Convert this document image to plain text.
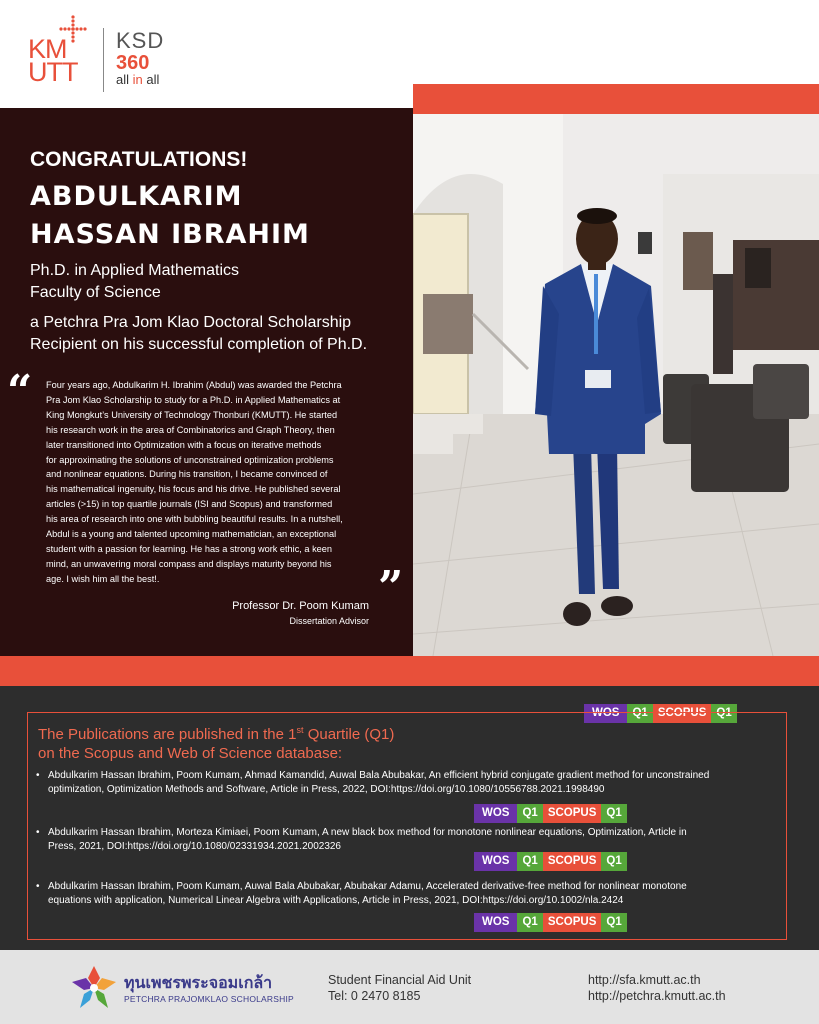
KM
UTT
KSD
360
all in all
CONGRATULATIONS!
ABDULKARIM
HASSAN IBRAHIM
Ph.D. in Applied Mathematics
Faculty of Science
a Petchra Pra Jom Klao Doctoral Scholarship
Recipient on his successful completion of Ph.D.
“ Four years ago, Abdulkarim H. Ibrahim (Abdul) was awarded the Petchra
Pra Jom Klao Scholarship to study for a Ph.D. in Applied Mathematics at
King Mongkut’s University of Technology Thonburi (KMUTT). He started
his research work in the area of Combinatorics and Graph Theory, then
later transitioned into Optimization with a focus on iterative methods
for approximating the solutions of unconstrained optimization problems
and nonlinear equations. During his transition, I became convinced of
his mathematical ingenuity, his focus and his drive. He published several
articles (>15) in top quartile journals (ISI and Scopus) and transformed
his area of research into one with bubbling beautiful results. In a nutshell,
Abdul is a young and talented upcoming mathematician, an exceptional
student with a passion for learning. He has a strong work ethic, a keen
mind, an unwavering moral compass and displays maturity beyond his
age. I wish him all the best!.	”
Professor Dr. Poom Kumam
Dissertation Advisor
WOS	Q1 SCOPUS Q1
The Publications are published in the 1st Quartile (Q1)
on the Scopus and Web of Science database:
• Abdulkarim Hassan Ibrahim, Poom Kumam, Ahmad Kamandid, Auwal Bala Abubakar, An efficient hybrid conjugate gradient method for unconstrained
optimization, Optimization Methods and Software, Article in Press, 2022, DOI:https://doi.org/10.1080/10556788.2021.1998490
WOS	Q1 SCOPUS Q1
• Abdulkarim Hassan Ibrahim, Morteza Kimiaei, Poom Kumam, A new black box method for monotone nonlinear equations, Optimization, Article in
Press, 2021, DOI:https://doi.org/10.1080/02331934.2021.2002326
WOS	Q1 SCOPUS Q1
• Abdulkarim Hassan Ibrahim, Poom Kumam, Auwal Bala Abubakar, Abubakar Adamu, Accelerated derivative-free method for nonlinear monotone
equations with application, Numerical Linear Algebra with Applications, Article in Press, 2021, DOI:https://doi.org/10.1002/nla.2424
WOS	Q1 SCOPUS Q1
ทุนเพชรพระจอมเกล้า
PETCHRA PRAJOMKLAO SCHOLARSHIP
Student Financial Aid Unit
Tel: 0 2470 8185
http://sfa.kmutt.ac.th
http://petchra.kmutt.ac.th
